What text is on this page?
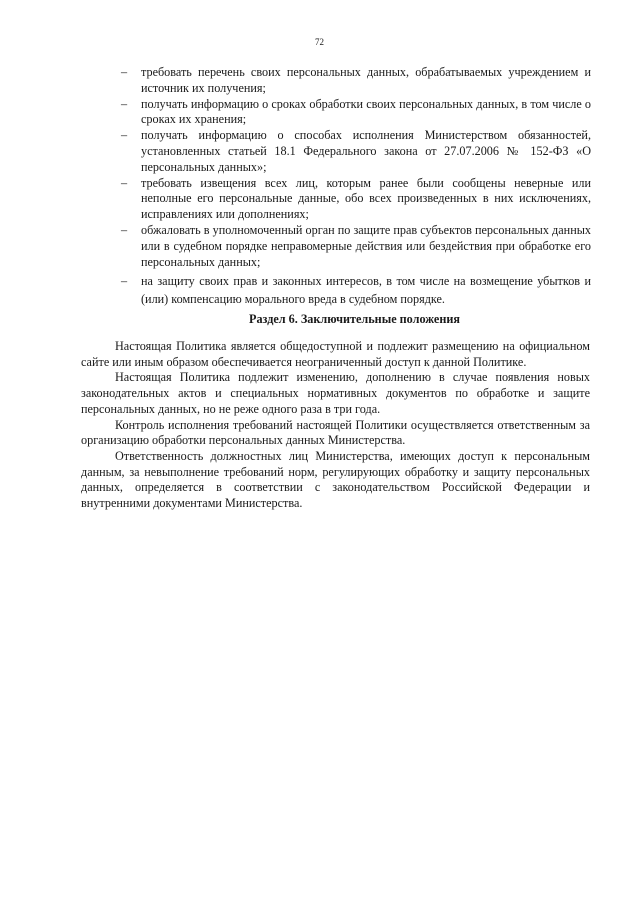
72
–	требовать перечень своих персональных данных, обрабатываемых учреждением и источник их получения;
–	получать информацию о сроках обработки своих персональных данных, в том числе о сроках их хранения;
–	получать информацию о способах исполнения Министерством обязанностей, установленных статьей 18.1 Федерального закона от 27.07.2006 № 152-ФЗ «О персональных данных»;
–	требовать извещения всех лиц, которым ранее были сообщены неверные или неполные его персональные данные, обо всех произведенных в них исключениях, исправлениях или дополнениях;
–	обжаловать в уполномоченный орган по защите прав субъектов персональных данных или в судебном порядке неправомерные действия или бездействия при обработке его персональных данных;
–	на защиту своих прав и законных интересов, в том числе на возмещение убытков и (или) компенсацию морального вреда в судебном порядке.
Раздел 6. Заключительные положения

Настоящая Политика является общедоступной и подлежит размещению на официальном сайте или иным образом обеспечивается неограниченный доступ к данной Политике.

Настоящая Политика подлежит изменению, дополнению в случае появления новых законодательных актов и специальных нормативных документов по обработке и защите персональных данных, но не реже одного раза в три года.

Контроль исполнения требований настоящей Политики осуществляется ответственным за организацию обработки персональных данных Министерства.

Ответственность должностных лиц Министерства, имеющих доступ к персональным данным, за невыполнение требований норм, регулирующих обработку и защиту персональных данных, определяется в соответствии с законодательством Российской Федерации и внутренними документами Министерства.
